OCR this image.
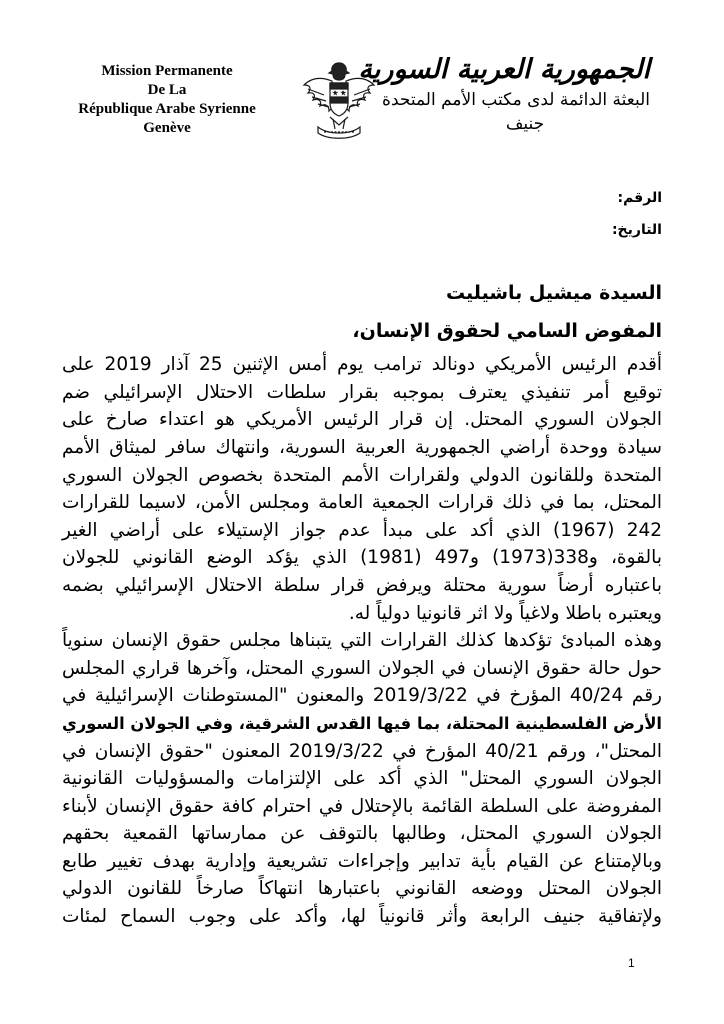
Mission Permanente
De La
République Arabe Syrienne
Genève
الجمهورية العربية السورية
البعثة الدائمة لدى مكتب الأمم المتحدة
جنيف
الرقم:
التاريخ:
السيدة ميشيل باشيليت
المفوض السامي لحقوق الإنسان،
أقدم الرئيس الأمريكي دونالد ترامب يوم أمس الإثنين 25 آذار 2019 على
توقيع أمر تنفيذي يعترف بموجبه بقرار سلطات الاحتلال الإسرائيلي ضم
الجولان السوري المحتل. إن قرار الرئيس الأمريكي هو اعتداء صارخ على
سيادة ووحدة أراضي الجمهورية العربية السورية، وانتهاك سافر لميثاق الأمم
المتحدة وللقانون الدولي ولقرارات الأمم المتحدة بخصوص الجولان السوري
المحتل، بما في ذلك قرارات الجمعية العامة ومجلس الأمن، لاسيما للقرارات
242 (1967) الذي أكد على مبدأ عدم جواز الإستيلاء على أراضي الغير
بالقوة، و338(1973) و497 (1981) الذي يؤكد الوضع القانوني للجولان
باعتباره أرضاً سورية محتلة ويرفض قرار سلطة الاحتلال الإسرائيلي بضمه
ويعتبره باطلا ولاغياً ولا اثر قانونيا دولياً له.
وهذه المبادئ تؤكدها كذلك القرارات التي يتبناها مجلس حقوق الإنسان سنوياً
حول حالة حقوق الإنسان في الجولان السوري المحتل، وآخرها قراري المجلس
رقم 40/24 المؤرخ في 2019/3/22 والمعنون "المستوطنات الإسرائيلية في
الأرض الفلسطينية المحتلة، بما فيها القدس الشرقية، وفي الجولان السوري
المحتل"، ورقم 40/21 المؤرخ في 2019/3/22 المعنون "حقوق الإنسان في
الجولان السوري المحتل" الذي أكد على الإلتزامات والمسؤوليات القانونية
المفروضة على السلطة القائمة بالإحتلال في احترام كافة حقوق الإنسان لأبناء
الجولان السوري المحتل، وطالبها بالتوقف عن ممارساتها القمعية بحقهم
وبالإمتناع عن القيام بأية تدابير وإجراءات تشريعية وإدارية بهدف تغيير طابع
الجولان المحتل ووضعه القانوني باعتبارها انتهاكاً صارخاً للقانون الدولي
ولإتفاقية جنيف الرابعة وأثر قانونياً لها، وأكد على وجوب السماح لمئات
1
